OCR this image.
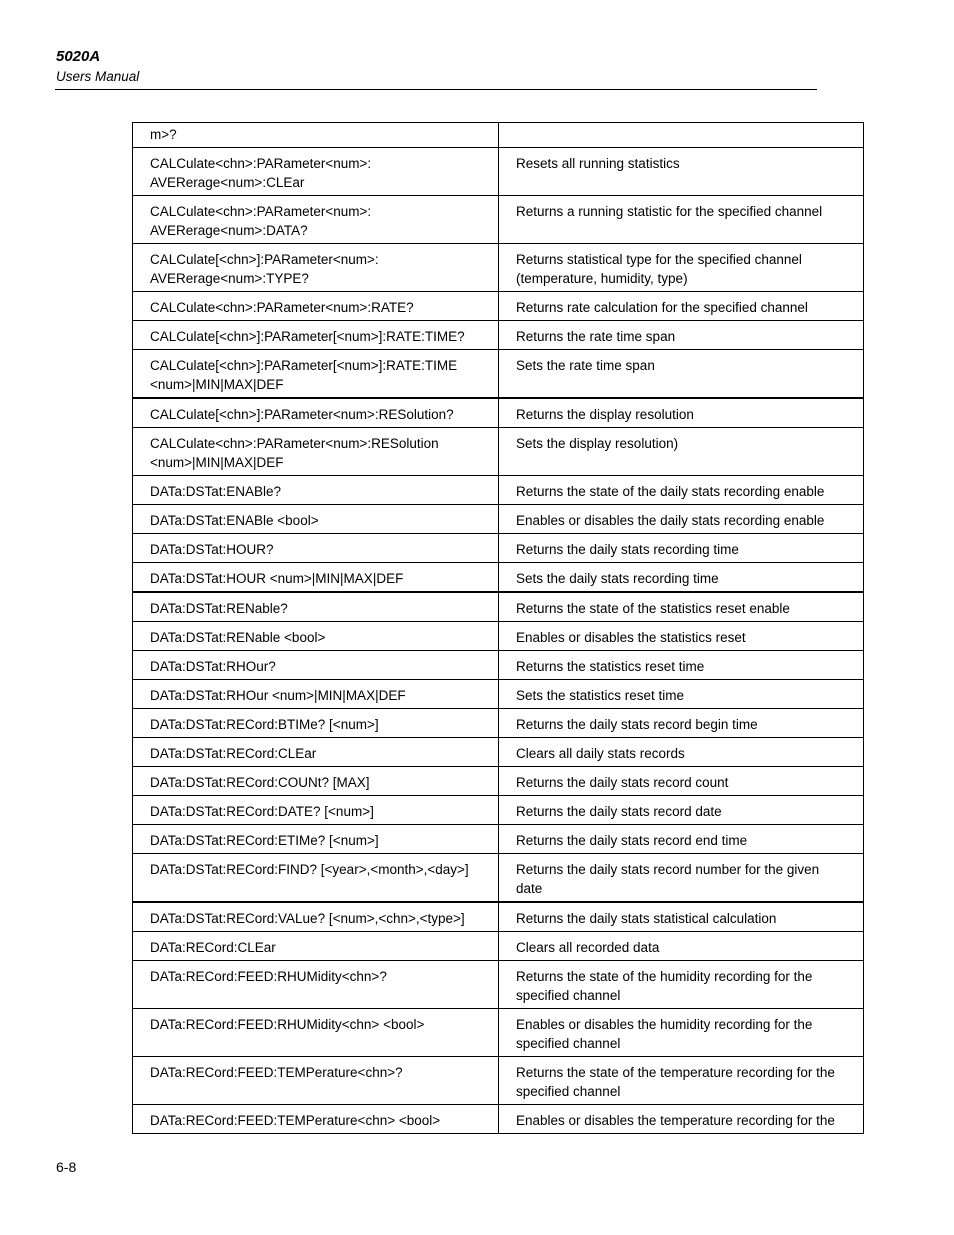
5020A
Users Manual
m>?	
CALCulate<chn>:PARameter<num>:
AVERerage<num>:CLEar	Resets all running statistics
CALCulate<chn>:PARameter<num>:
AVERerage<num>:DATA?	Returns a running statistic for the specified channel
CALCulate[<chn>]:PARameter<num>:
AVERerage<num>:TYPE?	Returns statistical type for the specified channel
(temperature, humidity, type)
CALCulate<chn>:PARameter<num>:RATE?	Returns rate calculation for the specified channel
CALCulate[<chn>]:PARameter[<num>]:RATE:TIME?	Returns the rate time span
CALCulate[<chn>]:PARameter[<num>]:RATE:TIME
<num>|MIN|MAX|DEF	Sets the rate time span
CALCulate[<chn>]:PARameter<num>:RESolution?	Returns the display resolution
CALCulate<chn>:PARameter<num>:RESolution
<num>|MIN|MAX|DEF	Sets the display resolution)
DATa:DSTat:ENABle?	Returns the state of the daily stats recording enable
DATa:DSTat:ENABle <bool>	Enables or disables the daily stats recording enable
DATa:DSTat:HOUR?	Returns the daily stats recording time
DATa:DSTat:HOUR <num>|MIN|MAX|DEF	Sets the daily stats recording time
DATa:DSTat:RENable?	Returns the state of the statistics reset enable
DATa:DSTat:RENable <bool>	Enables or disables the statistics reset
DATa:DSTat:RHOur?	Returns the statistics reset time
DATa:DSTat:RHOur <num>|MIN|MAX|DEF	Sets the statistics reset time
DATa:DSTat:RECord:BTIMe? [<num>]	Returns the daily stats record begin time
DATa:DSTat:RECord:CLEar	Clears all daily stats records
DATa:DSTat:RECord:COUNt? [MAX]	Returns the daily stats record count
DATa:DSTat:RECord:DATE? [<num>]	Returns the daily stats record date
DATa:DSTat:RECord:ETIMe? [<num>]	Returns the daily stats record end time
DATa:DSTat:RECord:FIND? [<year>,<month>,<day>]	Returns the daily stats record number for the given
date
DATa:DSTat:RECord:VALue? [<num>,<chn>,<type>]	Returns the daily stats statistical calculation
DATa:RECord:CLEar	Clears all recorded data
DATa:RECord:FEED:RHUMidity<chn>?	Returns the state of the humidity recording for the
specified channel
DATa:RECord:FEED:RHUMidity<chn> <bool>	Enables or disables the humidity recording for the
specified channel
DATa:RECord:FEED:TEMPerature<chn>?	Returns the state of the temperature recording for the
specified channel
DATa:RECord:FEED:TEMPerature<chn> <bool>	Enables or disables the temperature recording for the
6-8
